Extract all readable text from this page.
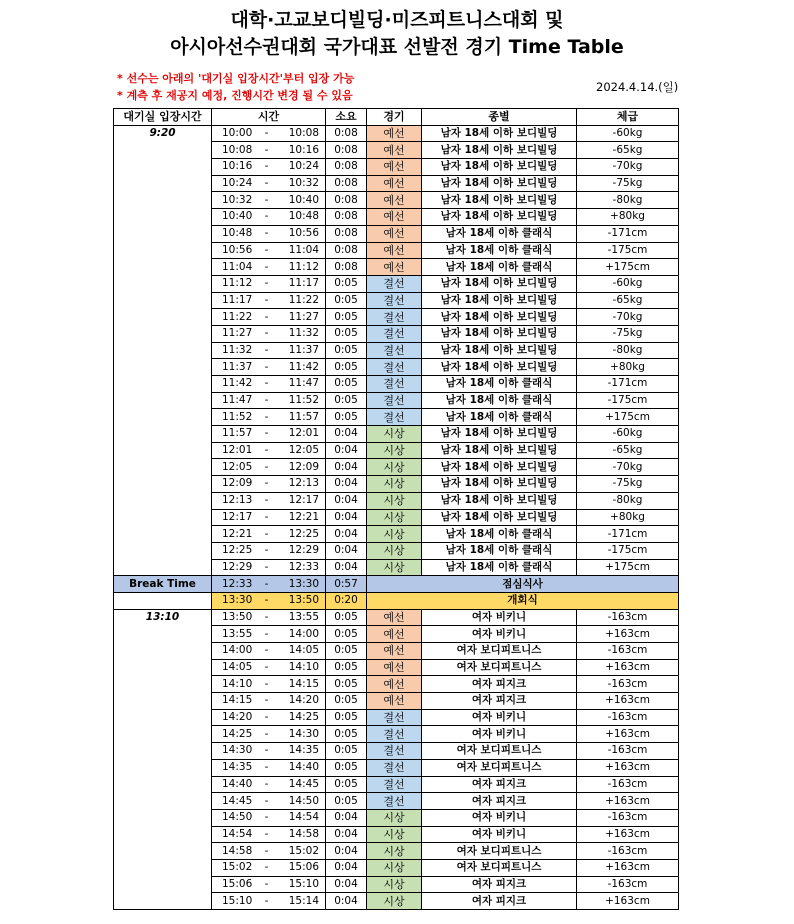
대학·고교보디빌딩·미즈피트니스대회 및
아시아선수권대회 국가대표 선발전 경기 Time Table
* 선수는 아래의 '대기실 입장시간'부터 입장 가능
* 계측 후 재공지 예정, 진행시간 변경 될 수 있음
2024.4.14.(일)
대기실 입장시간	시간			소요	경기	종별	체급
9:20	10:00	-	10:08	0:08	예선	남자 18세 이하 보디빌딩	-60kg
	10:08	-	10:16	0:08	예선	남자 18세 이하 보디빌딩	-65kg
	10:16	-	10:24	0:08	예선	남자 18세 이하 보디빌딩	-70kg
	10:24	-	10:32	0:08	예선	남자 18세 이하 보디빌딩	-75kg
	10:32	-	10:40	0:08	예선	남자 18세 이하 보디빌딩	-80kg
	10:40	-	10:48	0:08	예선	남자 18세 이하 보디빌딩	+80kg
	10:48	-	10:56	0:08	예선	남자 18세 이하 클래식	-171cm
	10:56	-	11:04	0:08	예선	남자 18세 이하 클래식	-175cm
	11:04	-	11:12	0:08	예선	남자 18세 이하 클래식	+175cm
	11:12	-	11:17	0:05	결선	남자 18세 이하 보디빌딩	-60kg
	11:17	-	11:22	0:05	결선	남자 18세 이하 보디빌딩	-65kg
	11:22	-	11:27	0:05	결선	남자 18세 이하 보디빌딩	-70kg
	11:27	-	11:32	0:05	결선	남자 18세 이하 보디빌딩	-75kg
	11:32	-	11:37	0:05	결선	남자 18세 이하 보디빌딩	-80kg
	11:37	-	11:42	0:05	결선	남자 18세 이하 보디빌딩	+80kg
	11:42	-	11:47	0:05	결선	남자 18세 이하 클래식	-171cm
	11:47	-	11:52	0:05	결선	남자 18세 이하 클래식	-175cm
	11:52	-	11:57	0:05	결선	남자 18세 이하 클래식	+175cm
	11:57	-	12:01	0:04	시상	남자 18세 이하 보디빌딩	-60kg
	12:01	-	12:05	0:04	시상	남자 18세 이하 보디빌딩	-65kg
	12:05	-	12:09	0:04	시상	남자 18세 이하 보디빌딩	-70kg
	12:09	-	12:13	0:04	시상	남자 18세 이하 보디빌딩	-75kg
	12:13	-	12:17	0:04	시상	남자 18세 이하 보디빌딩	-80kg
	12:17	-	12:21	0:04	시상	남자 18세 이하 보디빌딩	+80kg
	12:21	-	12:25	0:04	시상	남자 18세 이하 클래식	-171cm
	12:25	-	12:29	0:04	시상	남자 18세 이하 클래식	-175cm
	12:29	-	12:33	0:04	시상	남자 18세 이하 클래식	+175cm
Break Time	12:33	-	13:30	0:57	점심식사		
	13:30	-	13:50	0:20	개회식		
13:10	13:50	-	13:55	0:05	예선	여자 비키니	-163cm
	13:55	-	14:00	0:05	예선	여자 비키니	+163cm
	14:00	-	14:05	0:05	예선	여자 보디피트니스	-163cm
	14:05	-	14:10	0:05	예선	여자 보디피트니스	+163cm
	14:10	-	14:15	0:05	예선	여자 피지크	-163cm
	14:15	-	14:20	0:05	예선	여자 피지크	+163cm
	14:20	-	14:25	0:05	결선	여자 비키니	-163cm
	14:25	-	14:30	0:05	결선	여자 비키니	+163cm
	14:30	-	14:35	0:05	결선	여자 보디피트니스	-163cm
	14:35	-	14:40	0:05	결선	여자 보디피트니스	+163cm
	14:40	-	14:45	0:05	결선	여자 피지크	-163cm
	14:45	-	14:50	0:05	결선	여자 피지크	+163cm
	14:50	-	14:54	0:04	시상	여자 비키니	-163cm
	14:54	-	14:58	0:04	시상	여자 비키니	+163cm
	14:58	-	15:02	0:04	시상	여자 보디피트니스	-163cm
	15:02	-	15:06	0:04	시상	여자 보디피트니스	+163cm
	15:06	-	15:10	0:04	시상	여자 피지크	-163cm
	15:10	-	15:14	0:04	시상	여자 피지크	+163cm
